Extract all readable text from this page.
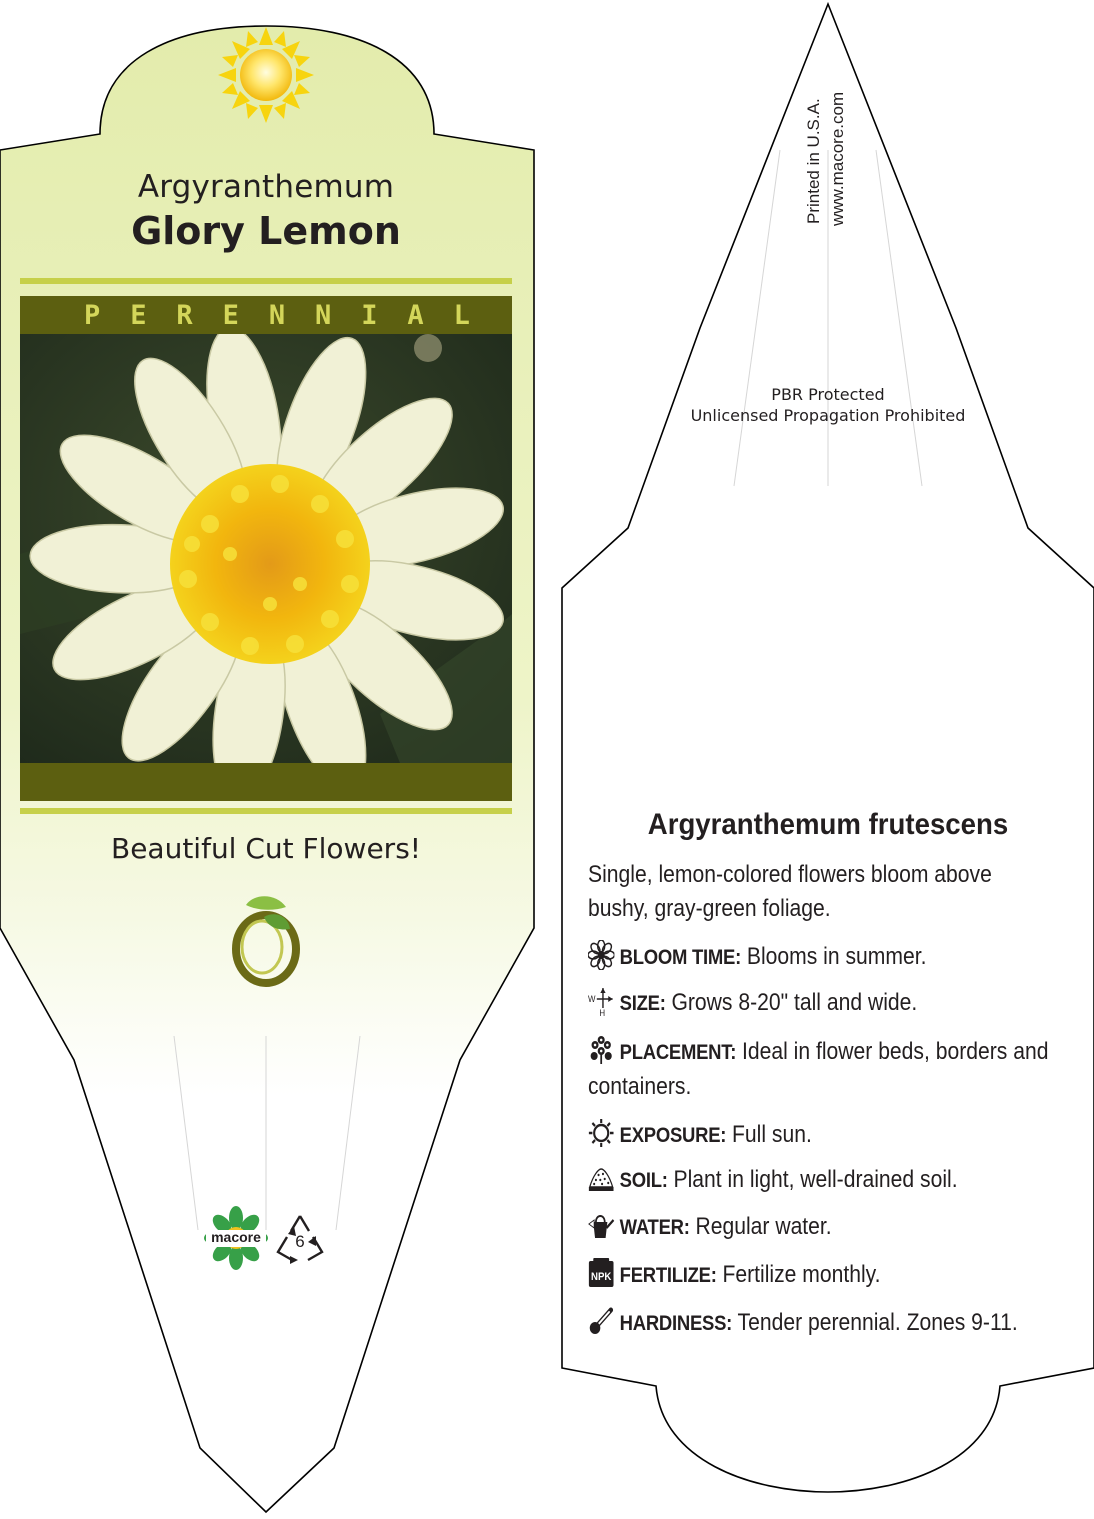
Argyranthemum
Glory Lemon
P E R E N N I A L
Beautiful Cut Flowers!
macore 6
Printed in U.S.A. www.macore.com
PBR Protected
Unlicensed Propagation Prohibited
Argyranthemum frutescens
Single, lemon-colored flowers bloom above bushy, gray-green foliage.
BLOOM TIME: Blooms in summer.
W
H SIZE: Grows 8-20" tall and wide.
PLACEMENT: Ideal in flower beds, borders and containers.
EXPOSURE: Full sun.
SOIL: Plant in light, well-drained soil.
WATER: Regular water.
NPK FERTILIZE: Fertilize monthly.
HARDINESS: Tender perennial. Zones 9-11.
